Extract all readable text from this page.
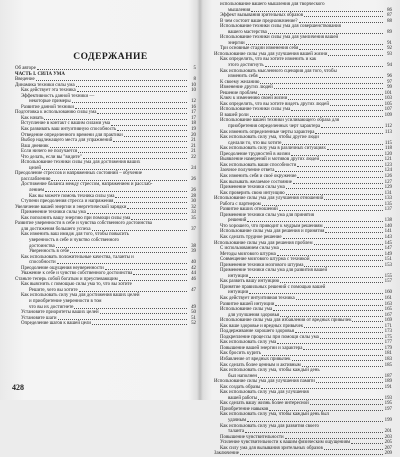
СОДЕРЖАНИЕ
Об автоpе	5
ЧАСТЬ I. СИЛА УМА
Введение	8
Динамика техники силы ума	10
Как действует эта техника	10
Эффективность данной техники —
некоторые примеры	12
Развитие данной техники	16
Подготовка к использованию силы ума	17
Как начать	17
Вступление в контакт с вашим силами ума	18
Как развивать ваш интуитивную способность	19
Отведение определенного времени для практики	20
Выбор надлежащего места для упражнений	21
Ваш дневник	21
Если ничего не получается	21
Что делать, если вы "видите"	22
Использование техники силы ума для достижения ваших
целей	24
Преодоление стрессов и напряженных состояний – обучение
расслаблению	26
Достижение баланса между стрессом, напряжением и расслаб-
лением	26
Как вы можете помочь техника силы ума	28
Ступени преодоления стресса и напряжения	30
Увеличение вашей энергии и энергетической зарядки	32
Применение техники силы ума	33
Как пополнить вашу энергию при помощи силы ума	35
Развитие уверенности в себе и чувства собственного достоинства
для достижения большего успеха	37
Как изменить ваш имидж для того, чтобы повысить
уверенность в себе и чувство собственного
достоинства	38
Уверенность в себе	39
Как использовать положительные качества, таланты и
способности	40
Преодоление ощущения неуверенности	42
Уважение к себе и чувство собственного достоинства	44
Станьте теперь собой богатым и преуспевающим	46
Как выяснить с помощью силы ума то, что вы хотите
Решите, чего вы хотите	47
Как использовать силу ума для достижения ваших целей
и приобретение уверенности в том
что вы их достигнете	49
Установите приоритеты ваших целей	50
Установите шаги	51
Определение шагов к вашей цели	52
428
использование вашего мышления для творческого
мышления	86
Эффект вызывания зрительных образов	87
В чем состоит ваше предназначение?	88
Использование техники силы ума для совершенствования
вашего мастерства	89
Использование техники силы ума для увеличения вашей
энергии	91
Три основные стадии изменения себя	92
Использование силы ума для улучшения вашей жизни	93
Как определить, что вы хотите изменить и как
этого достигнуть	94
Как использовать мысленного сценария для того, чтобы
изменить себя	96
К своему желанию	97
Изменение других людей	99
Решение проблем	101
Ключ к изменению своей жизни	103
Как определить, что вы хотите видеть других людей	105
Использование техники силы ума	107
В вашей роли	109
Использование вашей техники усиливающего образа для
приобретения определенных черт характера	112
Как изменить определенные черты характера	113
Как использовать силу ума, чтобы другие люди
сделали то, что вы хотите	115
Как использовать силу ума в различных ситуациях	118
Преодоление трудностей в жизни	120
Выявление намерений и мотивов других людей	121
Как использовать ваши способности	123
Заочное получение ответа	124
Как изменить себя и своё окружение	126
Как вызывать желаемое состояние	127
Применение техники силы ума	129
Как проверить свою интуицию	131
Использование силы ума для улучшения отношений	133
Работа с партнером	135
Развитие ваших отношений	137
Применение техники силы ума для принятия
решений	138
Что хорошего, что приводит к мудрым решениям	140
Использование силы ума для решения и принятия	141
Как сделать трудное решение	143
Использование силы ума для решения проблем	145
С использованием силы ума	147
Методы мозгового штурма	149
Совмещение мозгового штурма с техникой	151
Применение техники мозгового штурма	153
Применение техники силы ума для развития вашей
интуиции	155
Как развить вашу интуицию	157
Принятие правильных решений с помощью вашей
интуиции	160
Как действует интуитивная техника	161
Развитие вашей интуиции	163
Использование силы ума	165
для улучшения здоровья	167
Использование силы ума для избавления от вредных привычек	169
Как ваше здоровье и вредных привычек	171
Поддерживание хорошего здоровья	173
Подкрепление процессы при помощи силы ума	175
Как использовать силу ума	177
Повышение вашей энергии и характера	179
Как бросить курить	181
Избавление от вредных привычек	183
Как сделать более ценным и активным	185
Как использовать силу ума, чтобы каждый день
был наполнен	187
Использование силы ума для улучшения памяти	189
Как создать образы	191
Как использовать силу ума для улучшения
вашей работы	193
Как сделать вашу жизнь более интересной	195
Приобретение навыков	197
Как использовать силу ума, чтобы каждый день был
удачным	199
Как использовать силу ума для развития своего
таланта	201
Повышение чувствительности	203
Усиление чувствительности к вашим физическим ощущениям	205
Как силу ума для вызывания зрительных образов	207
Заключение	209
